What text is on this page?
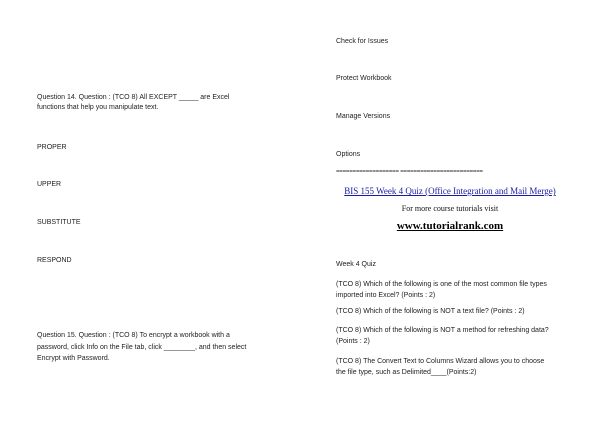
Question 14. Question : (TCO 8) All EXCEPT _____ are Excel
functions that help you manipulate text.
PROPER
UPPER
SUBSTITUTE
RESPOND
Question 15. Question : (TCO 8) To encrypt a workbook with a
password, click Info on the File tab, click ________, and then select
Encrypt with Password.
Check for Issues
Protect Workbook
Manage Versions
Options
=================== =========================
BIS 155 Week 4 Quiz (Office Integration and Mail Merge)
For more course tutorials visit
www.tutorialrank.com
Week 4 Quiz
(TCO 8) Which of the following is one of the most common file types
imported into Excel? (Points : 2)
(TCO 8) Which of the following is NOT a text file? (Points : 2)
(TCO 8) Which of the following is NOT a method for refreshing data?
(Points : 2)
(TCO 8) The Convert Text to Columns Wizard allows you to choose
the file type, such as Delimited____(Points:2)
